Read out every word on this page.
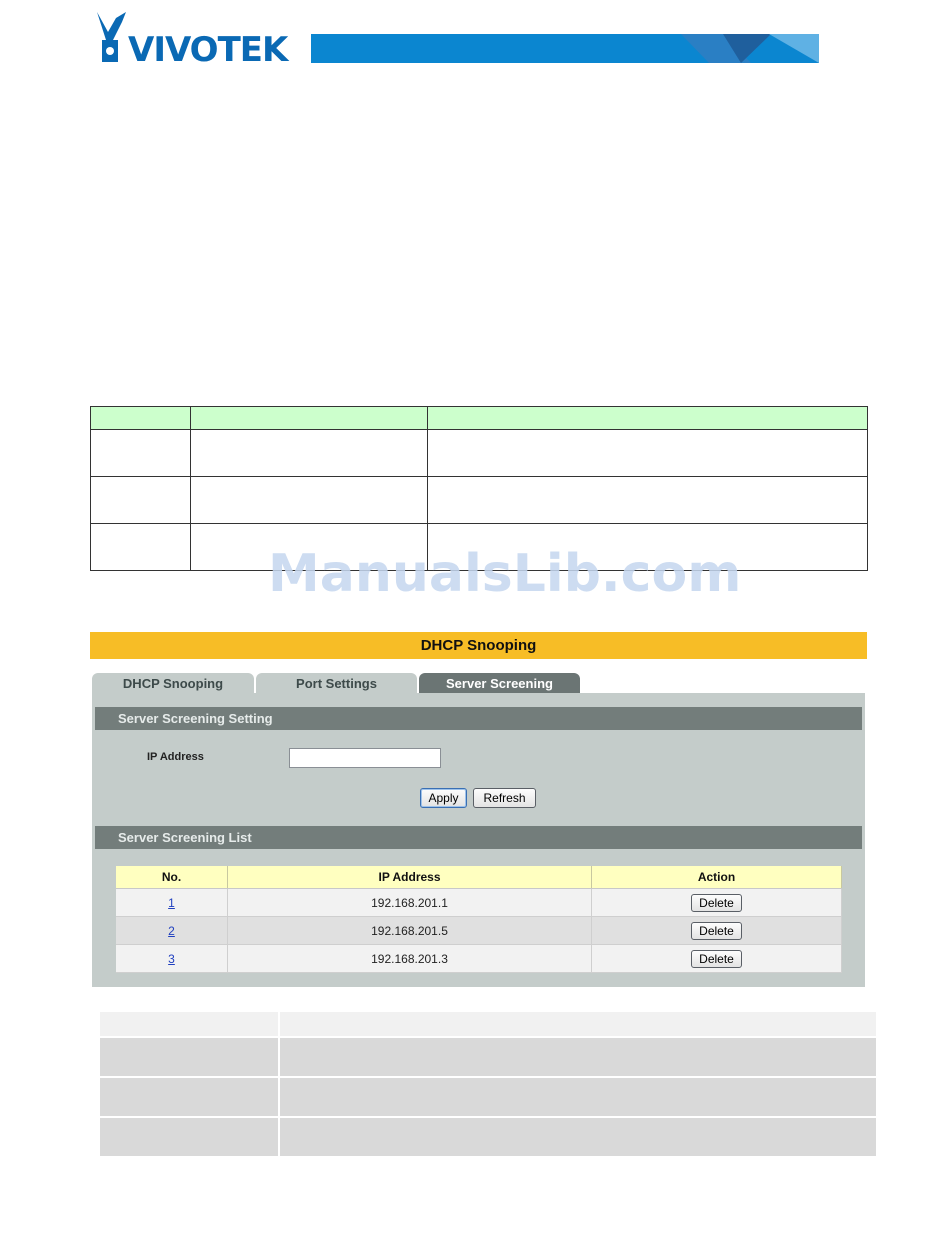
VIVOTEK

ManualsLib.com
DHCP Snooping
DHCP Snooping	Port Settings	Server Screening
Server Screening Setting
IP Address
Apply	Refresh
Server Screening List
No.	IP Address	Action
1	192.168.201.1	Delete
2	192.168.201.5	Delete
3	192.168.201.3	Delete
